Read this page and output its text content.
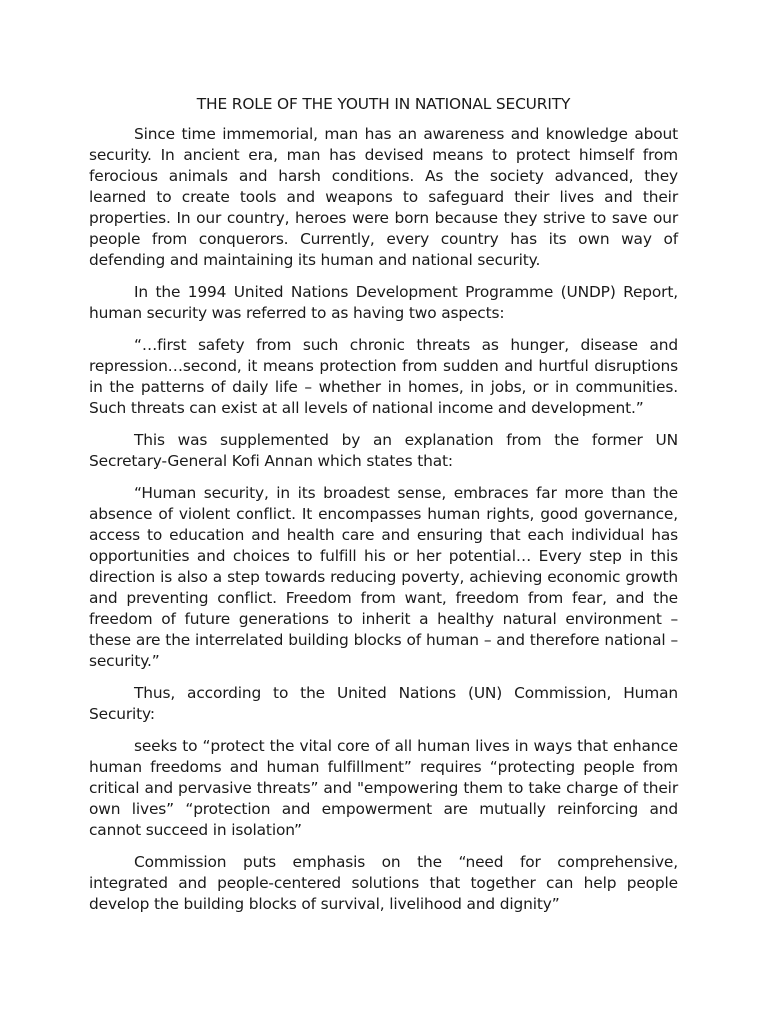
THE ROLE OF THE YOUTH IN NATIONAL SECURITY

Since time immemorial, man has an awareness and knowledge about security. In ancient era, man has devised means to protect himself from ferocious animals and harsh conditions. As the society advanced, they learned to create tools and weapons to safeguard their lives and their properties. In our country, heroes were born because they strive to save our people from conquerors. Currently, every country has its own way of defending and maintaining its human and national security.

In the 1994 United Nations Development Programme (UNDP) Report, human security was referred to as having two aspects:

“…first safety from such chronic threats as hunger, disease and repression…second, it means protection from sudden and hurtful disruptions in the patterns of daily life – whether in homes, in jobs, or in communities. Such threats can exist at all levels of national income and development.”

This was supplemented by an explanation from the former UN Secretary-General Kofi Annan which states that:

“Human security, in its broadest sense, embraces far more than the absence of violent conflict. It encompasses human rights, good governance, access to education and health care and ensuring that each individual has opportunities and choices to fulfill his or her potential… Every step in this direction is also a step towards reducing poverty, achieving economic growth and preventing conflict. Freedom from want, freedom from fear, and the freedom of future generations to inherit a healthy natural environment – these are the interrelated building blocks of human – and therefore national – security.”

Thus, according to the United Nations (UN) Commission, Human Security:

seeks to “protect the vital core of all human lives in ways that enhance human freedoms and human fulfillment” requires “protecting people from critical and pervasive threats” and "empowering them to take charge of their own lives” “protection and empowerment are mutually reinforcing and cannot succeed in isolation”

Commission puts emphasis on the “need for comprehensive, integrated and people-centered solutions that together can help people develop the building blocks of survival, livelihood and dignity”
